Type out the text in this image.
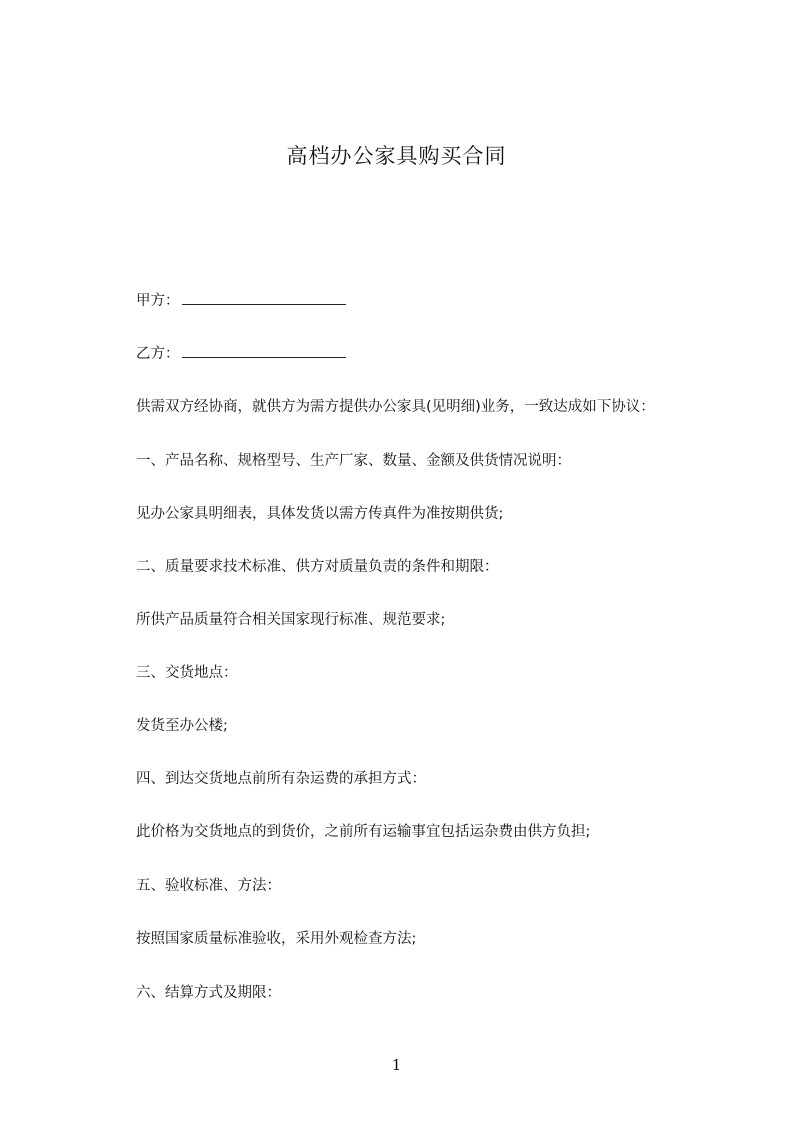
高档办公家具购买合同
甲方：
乙方：
供需双方经协商，就供方为需方提供办公家具(见明细)业务，一致达成如下协议：
一、产品名称、规格型号、生产厂家、数量、金额及供货情况说明：
见办公家具明细表，具体发货以需方传真件为准按期供货;
二、质量要求技术标准、供方对质量负责的条件和期限：
所供产品质量符合相关国家现行标准、规范要求;
三、交货地点：
发货至办公楼;
四、到达交货地点前所有杂运费的承担方式：
此价格为交货地点的到货价，之前所有运输事宜包括运杂费由供方负担;
五、验收标准、方法：
按照国家质量标准验收，采用外观检查方法;
六、结算方式及期限：
1
